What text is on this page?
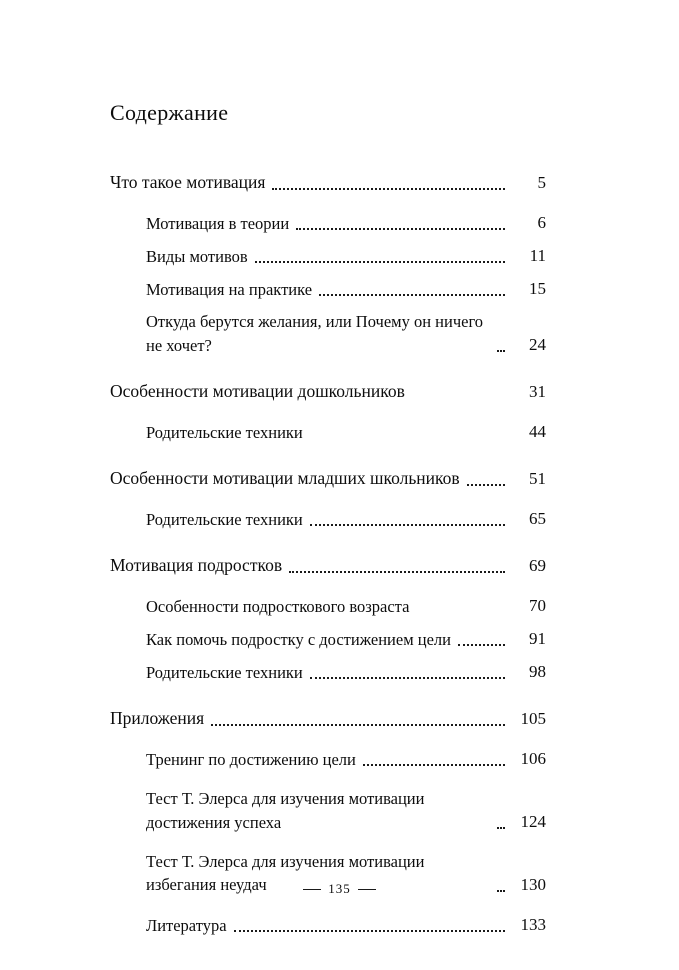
Содержание
Что такое мотивация	5
Мотивация в теории	6
Виды мотивов	11
Мотивация на практике	15
Откуда берутся желания, или Почему он ничего не хочет?	24
Особенности мотивации дошкольников	31
Родительские техники	44
Особенности мотивации младших школьников	51
Родительские техники	65
Мотивация подростков	69
Особенности подросткового возраста	70
Как помочь подростку с достижением цели	91
Родительские техники	98
Приложения	105
Тренинг по достижению цели	106
Тест Т. Элерса для изучения мотивации достижения успеха	124
Тест Т. Элерса для изучения мотивации избегания неудач	130
Литература	133
135
